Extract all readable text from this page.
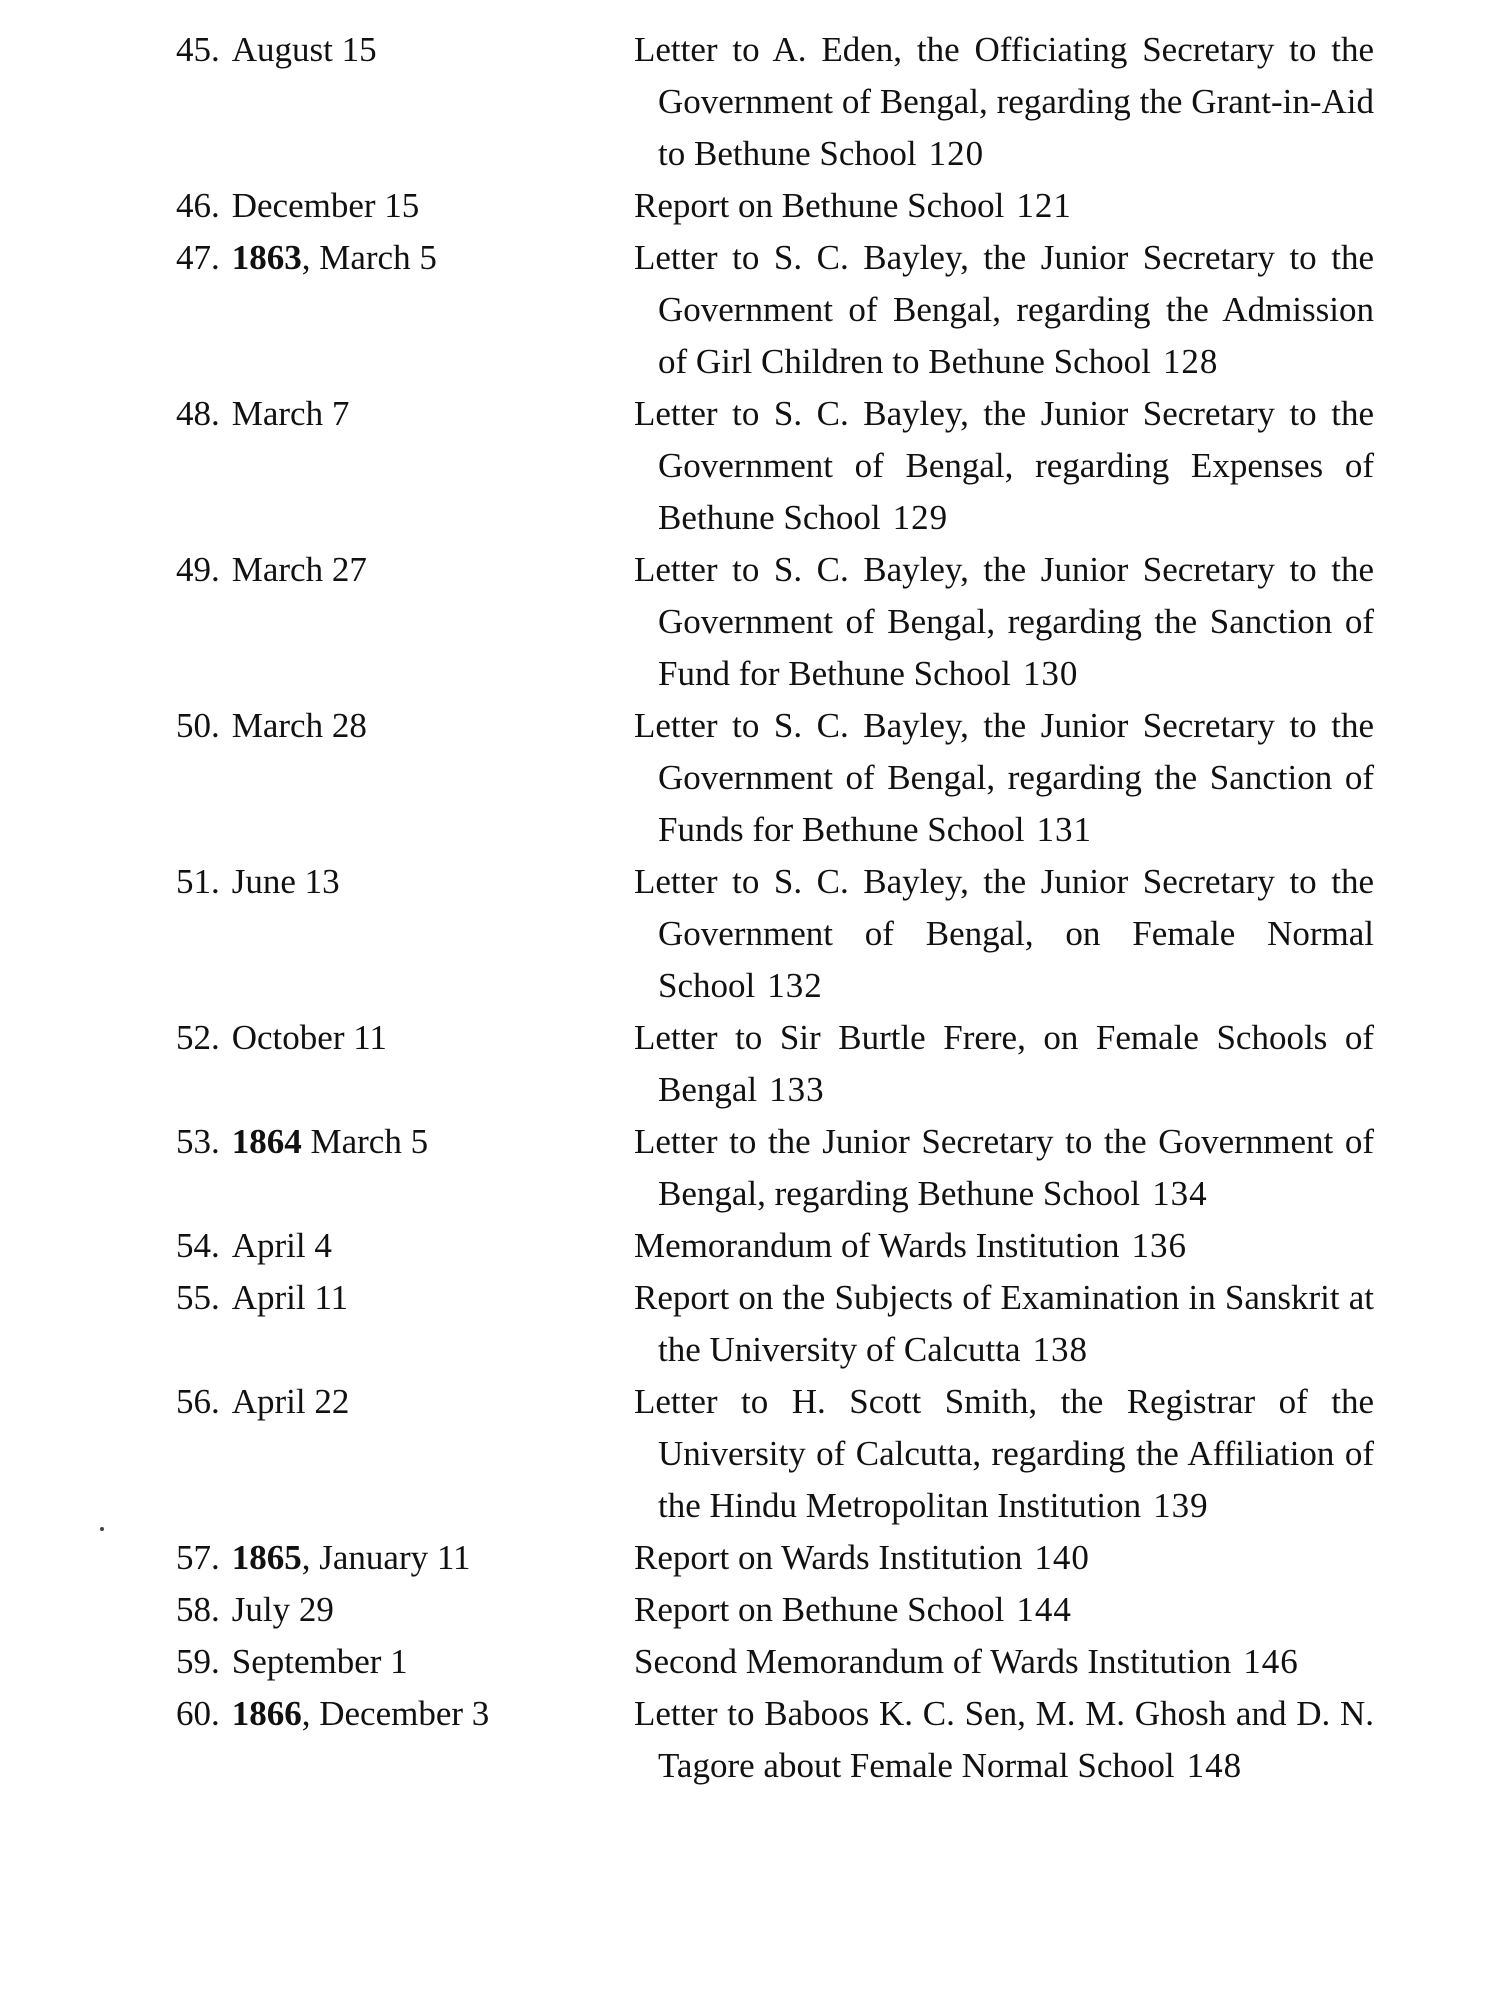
45. August 15	Letter to A. Eden, the Officiating Secretary to the Government of Bengal, regarding the Grant-in-Aid to Bethune School 120
46. December 15	Report on Bethune School 121
47. 1863, March 5	Letter to S. C. Bayley, the Junior Secretary to the Government of Bengal, regarding the Admission of Girl Children to Bethune School 128
48. March 7	Letter to S. C. Bayley, the Junior Secretary to the Government of Bengal, regarding Expenses of Bethune School 129
49. March 27	Letter to S. C. Bayley, the Junior Secretary to the Government of Bengal, regarding the Sanction of Fund for Bethune School 130
50. March 28	Letter to S. C. Bayley, the Junior Secretary to the Government of Bengal, regarding the Sanction of Funds for Bethune School 131
51. June 13	Letter to S. C. Bayley, the Junior Secretary to the Government of Bengal, on Female Normal School 132
52. October 11	Letter to Sir Burtle Frere, on Female Schools of Bengal 133
53. 1864 March 5	Letter to the Junior Secretary to the Government of Bengal, regarding Bethune School 134
54. April 4	Memorandum of Wards Institution 136
55. April 11	Report on the Subjects of Examination in Sanskrit at the University of Calcutta 138
56. April 22	Letter to H. Scott Smith, the Registrar of the University of Calcutta, regarding the Affiliation of the Hindu Metropolitan Institution 139
57. 1865, January 11	Report on Wards Institution 140
58. July 29	Report on Bethune School 144
59. September 1	Second Memorandum of Wards Institution 146
60. 1866, December 3	Letter to Baboos K. C. Sen, M. M. Ghosh and D. N. Tagore about Female Normal School 148
